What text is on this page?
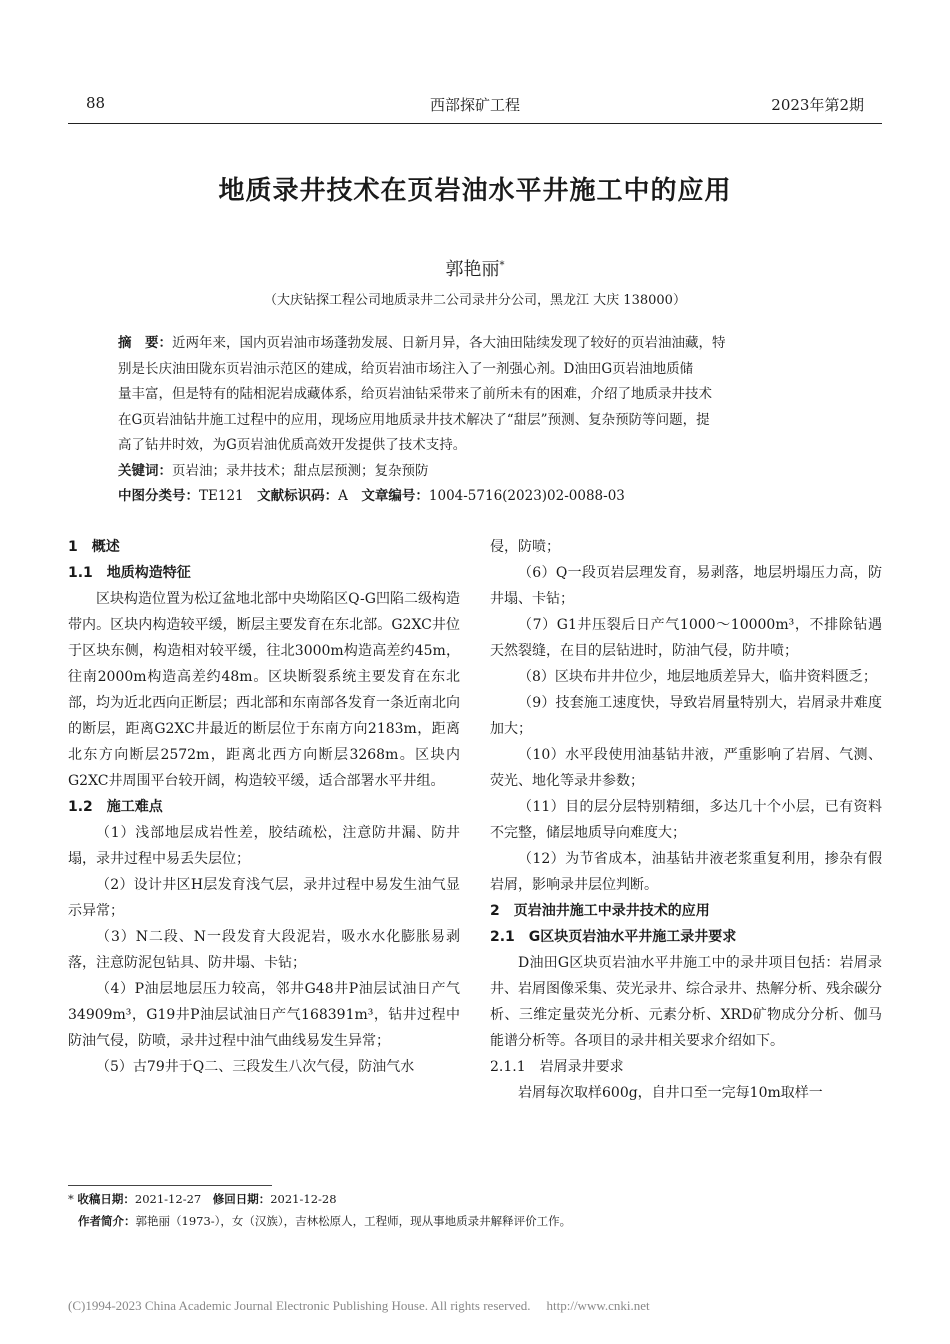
88	西部探矿工程	2023年第2期
地质录井技术在页岩油水平井施工中的应用
郭艳丽*
（大庆钻探工程公司地质录井二公司录井分公司，黑龙江 大庆 138000）
摘　要：近两年来，国内页岩油市场蓬勃发展、日新月异，各大油田陆续发现了较好的页岩油油藏，特
别是长庆油田陇东页岩油示范区的建成，给页岩油市场注入了一剂强心剂。D油田G页岩油地质储
量丰富，但是特有的陆相泥岩成藏体系，给页岩油钻采带来了前所未有的困难，介绍了地质录井技术
在G页岩油钻井施工过程中的应用，现场应用地质录井技术解决了“甜层”预测、复杂预防等问题，提
高了钻井时效，为G页岩油优质高效开发提供了技术支持。
关键词：页岩油；录井技术；甜点层预测；复杂预防
中图分类号：TE121　 文献标识码：A　 文章编号：1004-5716(2023)02-0088-03

1　概述

1.1　地质构造特征

区块构造位置为松辽盆地北部中央坳陷区Q-G凹陷二级构造带内。区块内构造较平缓，断层主要发育在东北部。G2XC井位于区块东侧，构造相对较平缓，往北3000m构造高差约45m，往南2000m构造高差约48m。区块断裂系统主要发育在东北部，均为近北西向正断层；西北部和东南部各发育一条近南北向的断层，距离G2XC井最近的断层位于东南方向2183m，距离北东方向断层2572m，距离北西方向断层3268m。区块内G2XC井周围平台较开阔，构造较平缓，适合部署水平井组。

1.2　施工难点

（1）浅部地层成岩性差，胶结疏松，注意防井漏、防井塌，录井过程中易丢失层位；

（2）设计井区H层发育浅气层，录井过程中易发生油气显示异常；

（3）N二段、N一段发育大段泥岩，吸水水化膨胀易剥落，注意防泥包钻具、防井塌、卡钻；

（4）P油层地层压力较高，邻井G48井P油层试油日产气34909m³，G19井P油层试油日产气168391m³，钻井过程中防油气侵，防喷，录井过程中油气曲线易发生异常；

（5）古79井于Q二、三段发生八次气侵，防油气水

侵，防喷；

（6）Q一段页岩层理发育，易剥落，地层坍塌压力高，防井塌、卡钻；

（7）G1井压裂后日产气1000～10000m³，不排除钻遇天然裂缝，在目的层钻进时，防油气侵，防井喷；

（8）区块布井井位少，地层地质差异大，临井资料匮乏；

（9）技套施工速度快，导致岩屑量特别大，岩屑录井难度加大；

（10）水平段使用油基钻井液，严重影响了岩屑、气测、荧光、地化等录井参数；

（11）目的层分层特别精细，多达几十个小层，已有资料不完整，储层地质导向难度大；

（12）为节省成本，油基钻井液老浆重复利用，掺杂有假岩屑，影响录井层位判断。

2　页岩油井施工中录井技术的应用

2.1　G区块页岩油水平井施工录井要求

D油田G区块页岩油水平井施工中的录井项目包括：岩屑录井、岩屑图像采集、荧光录井、综合录井、热解分析、残余碳分析、三维定量荧光分析、元素分析、XRD矿物成分分析、伽马能谱分析等。各项目的录井相关要求介绍如下。

2.1.1　岩屑录井要求

岩屑每次取样600g，自井口至一完每10m取样一

* 收稿日期：2021-12-27　 修回日期：2021-12-28
作者简介：郭艳丽（1973-），女（汉族），吉林松原人，工程师，现从事地质录井解释评价工作。
(C)1994-2023 China Academic Journal Electronic Publishing House. All rights reserved. http://www.cnki.net
